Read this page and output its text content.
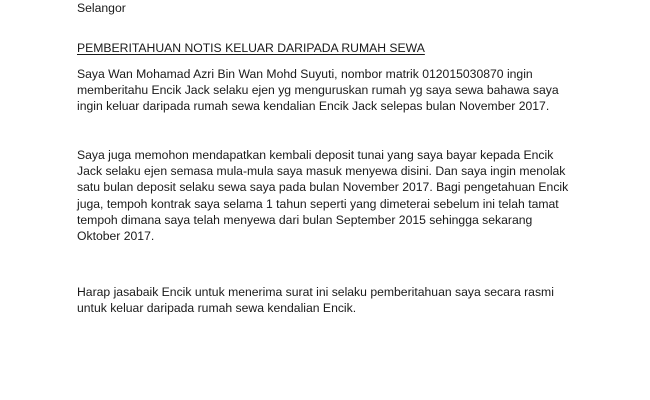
Selangor

PEMBERITAHUAN NOTIS KELUAR DARIPADA RUMAH SEWA

Saya Wan Mohamad Azri Bin Wan Mohd Suyuti, nombor matrik 012015030870 ingin
memberitahu Encik Jack selaku ejen yg menguruskan rumah yg saya sewa bahawa saya
ingin keluar daripada rumah sewa kendalian Encik Jack selepas bulan November 2017.
Saya juga memohon mendapatkan kembali deposit tunai yang saya bayar kepada Encik
Jack selaku ejen semasa mula-mula saya masuk menyewa disini. Dan saya ingin menolak
satu bulan deposit selaku sewa saya pada bulan November 2017. Bagi pengetahuan Encik
juga, tempoh kontrak saya selama 1 tahun seperti yang dimeterai sebelum ini telah tamat
tempoh dimana saya telah menyewa dari bulan September 2015 sehingga sekarang
Oktober 2017.
Harap jasabaik Encik untuk menerima surat ini selaku pemberitahuan saya secara rasmi
untuk keluar daripada rumah sewa kendalian Encik.
